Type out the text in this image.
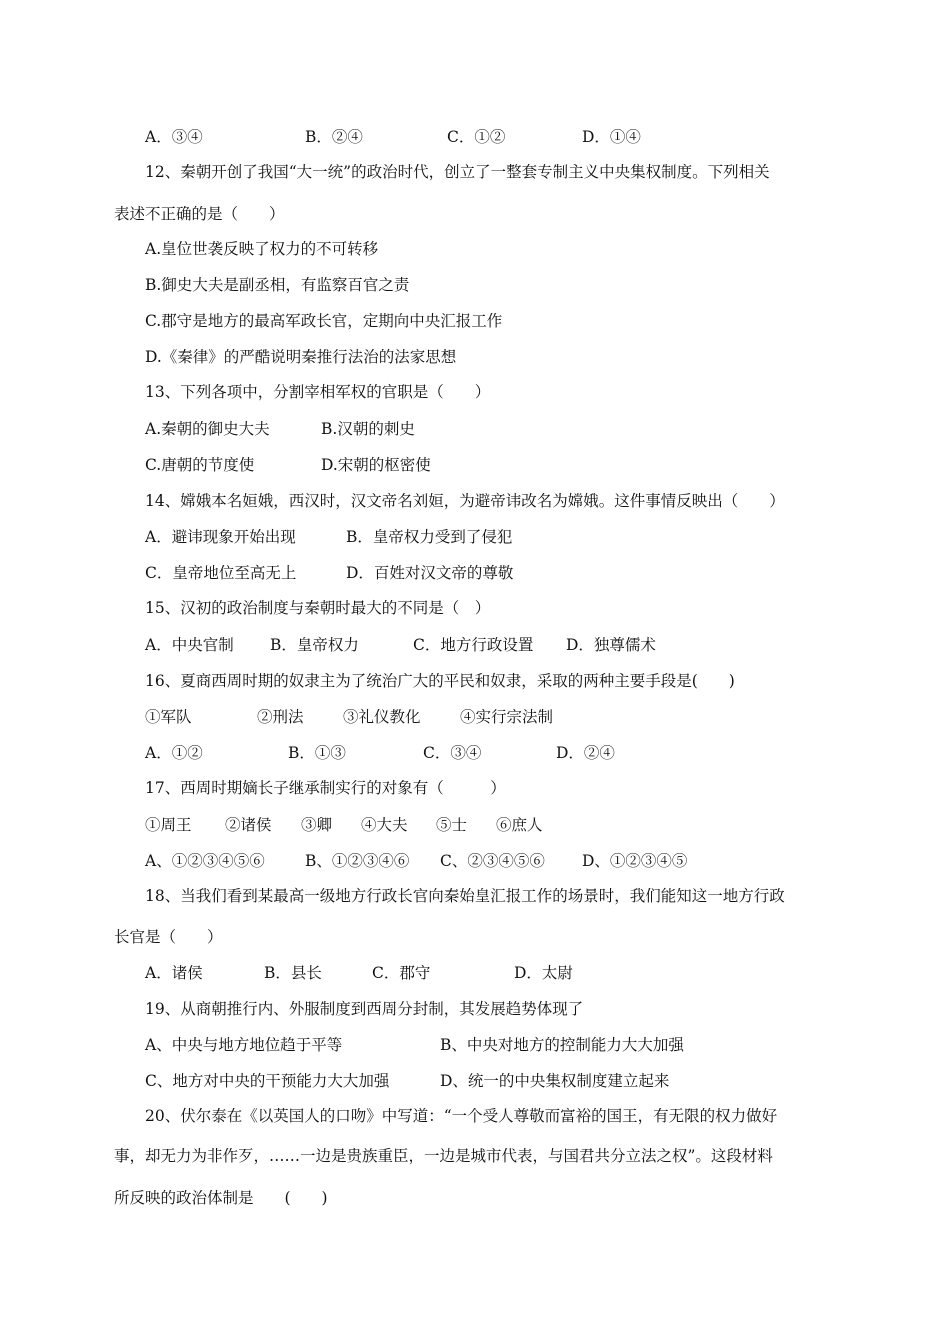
A．③④	B．②④	C．①②	D．①④
12、秦朝开创了我国“大一统”的政治时代，创立了一整套专制主义中央集权制度。下列相关
表述不正确的是（　　）
A.皇位世袭反映了权力的不可转移
B.御史大夫是副丞相，有监察百官之责
C.郡守是地方的最高军政长官，定期向中央汇报工作
D.《秦律》的严酷说明秦推行法治的法家思想
13、下列各项中，分割宰相军权的官职是（　　）
A.秦朝的御史大夫	B.汉朝的刺史
C.唐朝的节度使	D.宋朝的枢密使
14、嫦娥本名姮娥，西汉时，汉文帝名刘姮，为避帝讳改名为嫦娥。这件事情反映出（　　）
A．避讳现象开始出现	B．皇帝权力受到了侵犯
C．皇帝地位至高无上	D．百姓对汉文帝的尊敬
15、汉初的政治制度与秦朝时最大的不同是（　）
A．中央官制 B．皇帝权力	C．地方行政设置 D．独尊儒术
16、夏商西周时期的奴隶主为了统治广大的平民和奴隶，采取的两种主要手段是(　　)
①军队	②刑法	③礼仪教化	④实行宗法制
A．①②	B．①③	C．③④	D．②④
17、西周时期嫡长子继承制实行的对象有（　　　）
①周王 ②诸侯 ③卿 ④大夫 ⑤士 ⑥庶人
A、①②③④⑤⑥	B、①②③④⑥ C、②③④⑤⑥ D、①②③④⑤
18、当我们看到某最高一级地方行政长官向秦始皇汇报工作的场景时，我们能知这一地方行政
长官是（　　）
A．诸侯	B．县长	C．郡守	D．太尉
19、从商朝推行内、外服制度到西周分封制，其发展趋势体现了
A、中央与地方地位趋于平等	B、中央对地方的控制能力大大加强
C、地方对中央的干预能力大大加强	D、统一的中央集权制度建立起来
20、伏尔泰在《以英国人的口吻》中写道：“一个受人尊敬而富裕的国王，有无限的权力做好
事，却无力为非作歹，……一边是贵族重臣，一边是城市代表，与国君共分立法之权”。这段材料
所反映的政治体制是　　(　　)
